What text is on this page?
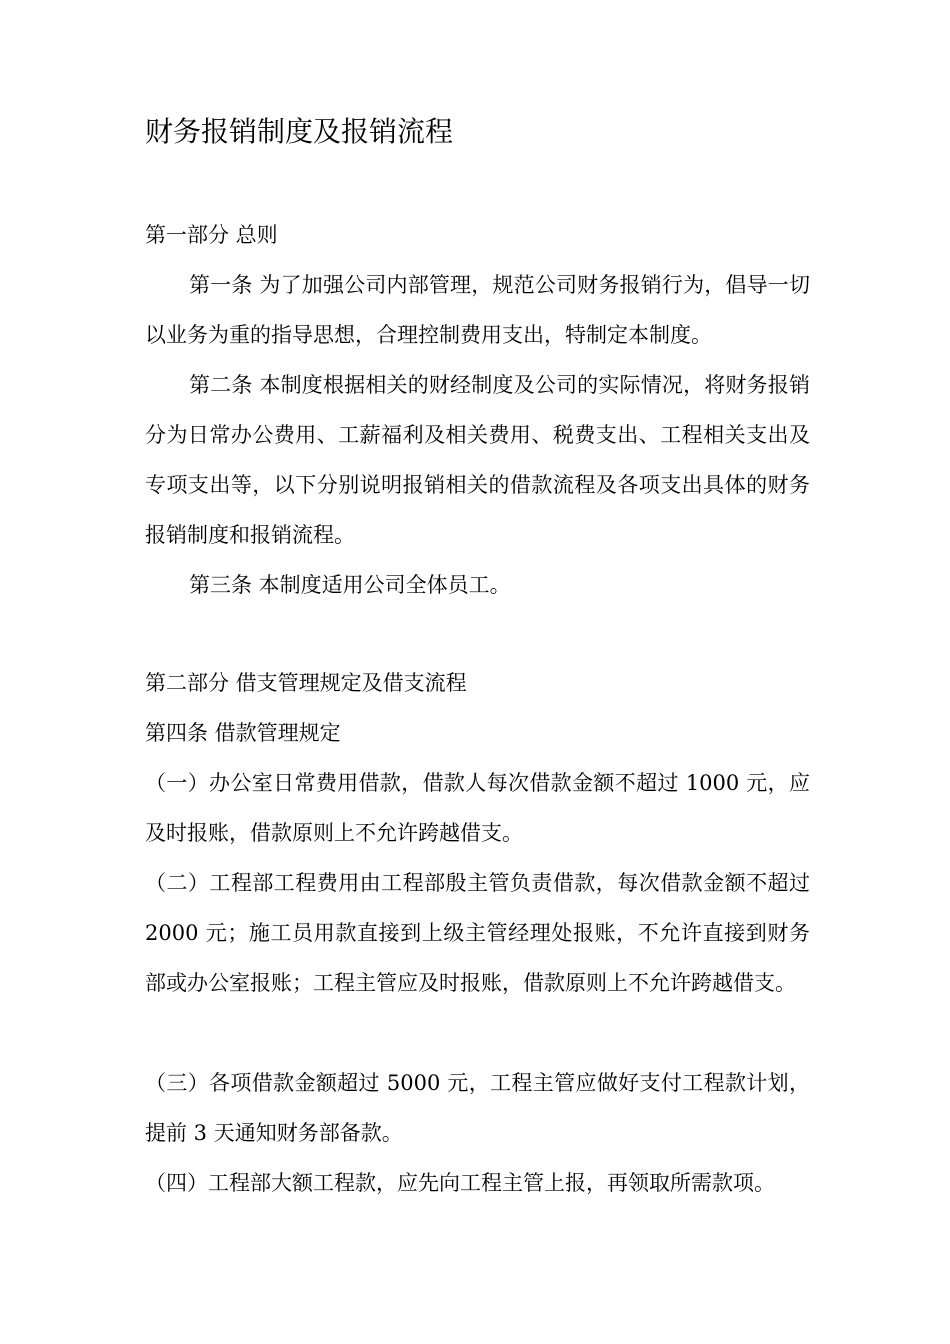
财务报销制度及报销流程

第一部分 总则

第一条 为了加强公司内部管理，规范公司财务报销行为，倡导一切以业务为重的指导思想，合理控制费用支出，特制定本制度。

第二条 本制度根据相关的财经制度及公司的实际情况，将财务报销分为日常办公费用、工薪福利及相关费用、税费支出、工程相关支出及专项支出等，以下分别说明报销相关的借款流程及各项支出具体的财务报销制度和报销流程。

第三条 本制度适用公司全体员工。

第二部分 借支管理规定及借支流程

第四条 借款管理规定

（一）办公室日常费用借款，借款人每次借款金额不超过 1000 元，应及时报账，借款原则上不允许跨越借支。

（二）工程部工程费用由工程部殷主管负责借款，每次借款金额不超过 2000 元；施工员用款直接到上级主管经理处报账，不允许直接到财务部或办公室报账；工程主管应及时报账，借款原则上不允许跨越借支。

（三）各项借款金额超过 5000 元，工程主管应做好支付工程款计划，提前 3 天通知财务部备款。

（四）工程部大额工程款，应先向工程主管上报，再领取所需款项。
